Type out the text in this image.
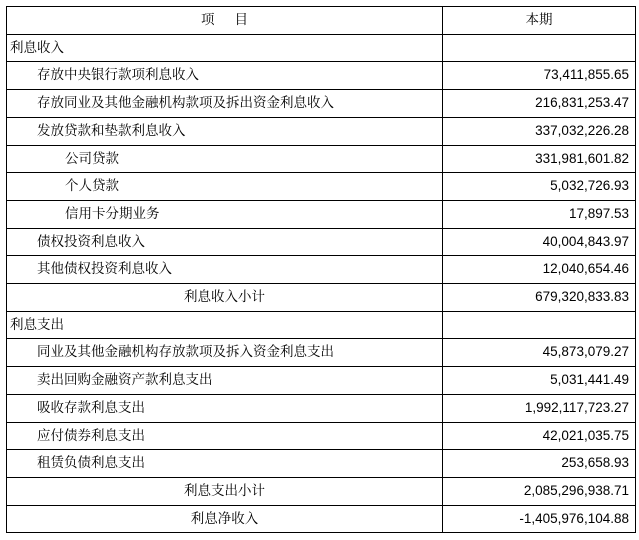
项目	本期
利息收入	
存放中央银行款项利息收入	73,411,855.65
存放同业及其他金融机构款项及拆出资金利息收入	216,831,253.47
发放贷款和垫款利息收入	337,032,226.28
公司贷款	331,981,601.82
个人贷款	5,032,726.93
信用卡分期业务	17,897.53
债权投资利息收入	40,004,843.97
其他债权投资利息收入	12,040,654.46
利息收入小计	679,320,833.83
利息支出	
同业及其他金融机构存放款项及拆入资金利息支出	45,873,079.27
卖出回购金融资产款利息支出	5,031,441.49
吸收存款利息支出	1,992,117,723.27
应付债券利息支出	42,021,035.75
租赁负债利息支出	253,658.93
利息支出小计	2,085,296,938.71
利息净收入	-1,405,976,104.88
